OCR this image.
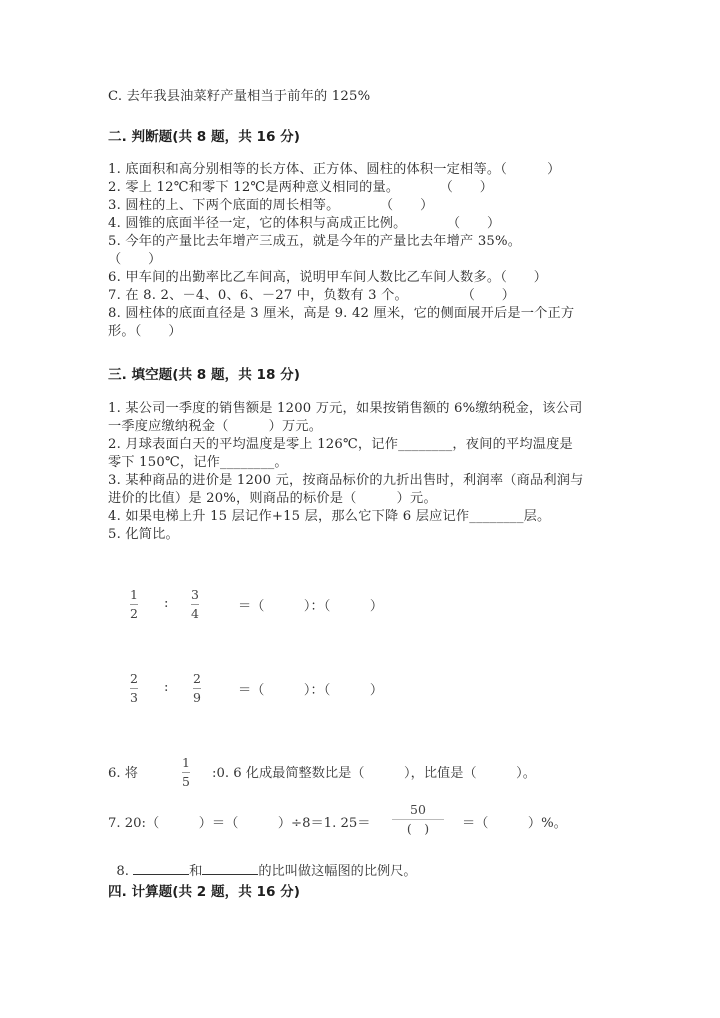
C. 去年我县油菜籽产量相当于前年的 125%
二. 判断题(共 8 题，共 16 分)
1. 底面积和高分别相等的长方体、正方体、圆柱的体积一定相等。（　　　）
2. 零上 12℃和零下 12℃是两种意义相同的量。　　　　（　　）
3. 圆柱的上、下两个底面的周长相等。　　　　（　　）
4. 圆锥的底面半径一定，它的体积与高成正比例。　　　　（　　）
5. 今年的产量比去年增产三成五，就是今年的产量比去年增产 35%。
（　　）
6. 甲车间的出勤率比乙车间高，说明甲车间人数比乙车间人数多。（　　）
7. 在 8. 2、－4、0、6、－27 中，负数有 3 个。　　　　　（　　）
8. 圆柱体的底面直径是 3 厘米，高是 9. 42 厘米，它的侧面展开后是一个正方
形。（　　）
三. 填空题(共 8 题，共 18 分)
1. 某公司一季度的销售额是 1200 万元，如果按销售额的 6%缴纳税金，该公司
一季度应缴纳税金（　　　）万元。
2. 月球表面白天的平均温度是零上 126℃，记作________，夜间的平均温度是
零下 150℃，记作________。
3. 某种商品的进价是 1200 元，按商品标价的九折出售时，利润率（商品利润与
进价的比值）是 20%，则商品的标价是（　　　）元。
4. 如果电梯上升 15 层记作+15 层，那么它下降 6 层应记作________层。
5. 化简比。
1
2
:
3
4	＝（　　　）：（　　　）
2
3
:
2
9	＝（　　　）：（　　　）
6. 将
1
5
:0. 6 化成最简整数比是（　　　），比值是（　　　）。
7. 20:（　　　）＝（　　　）÷8＝1. 25＝
50
(　) ＝（　　　）%。

8.	和	的比叫做这幅图的比例尺。

四. 计算题(共 2 题，共 16 分)
